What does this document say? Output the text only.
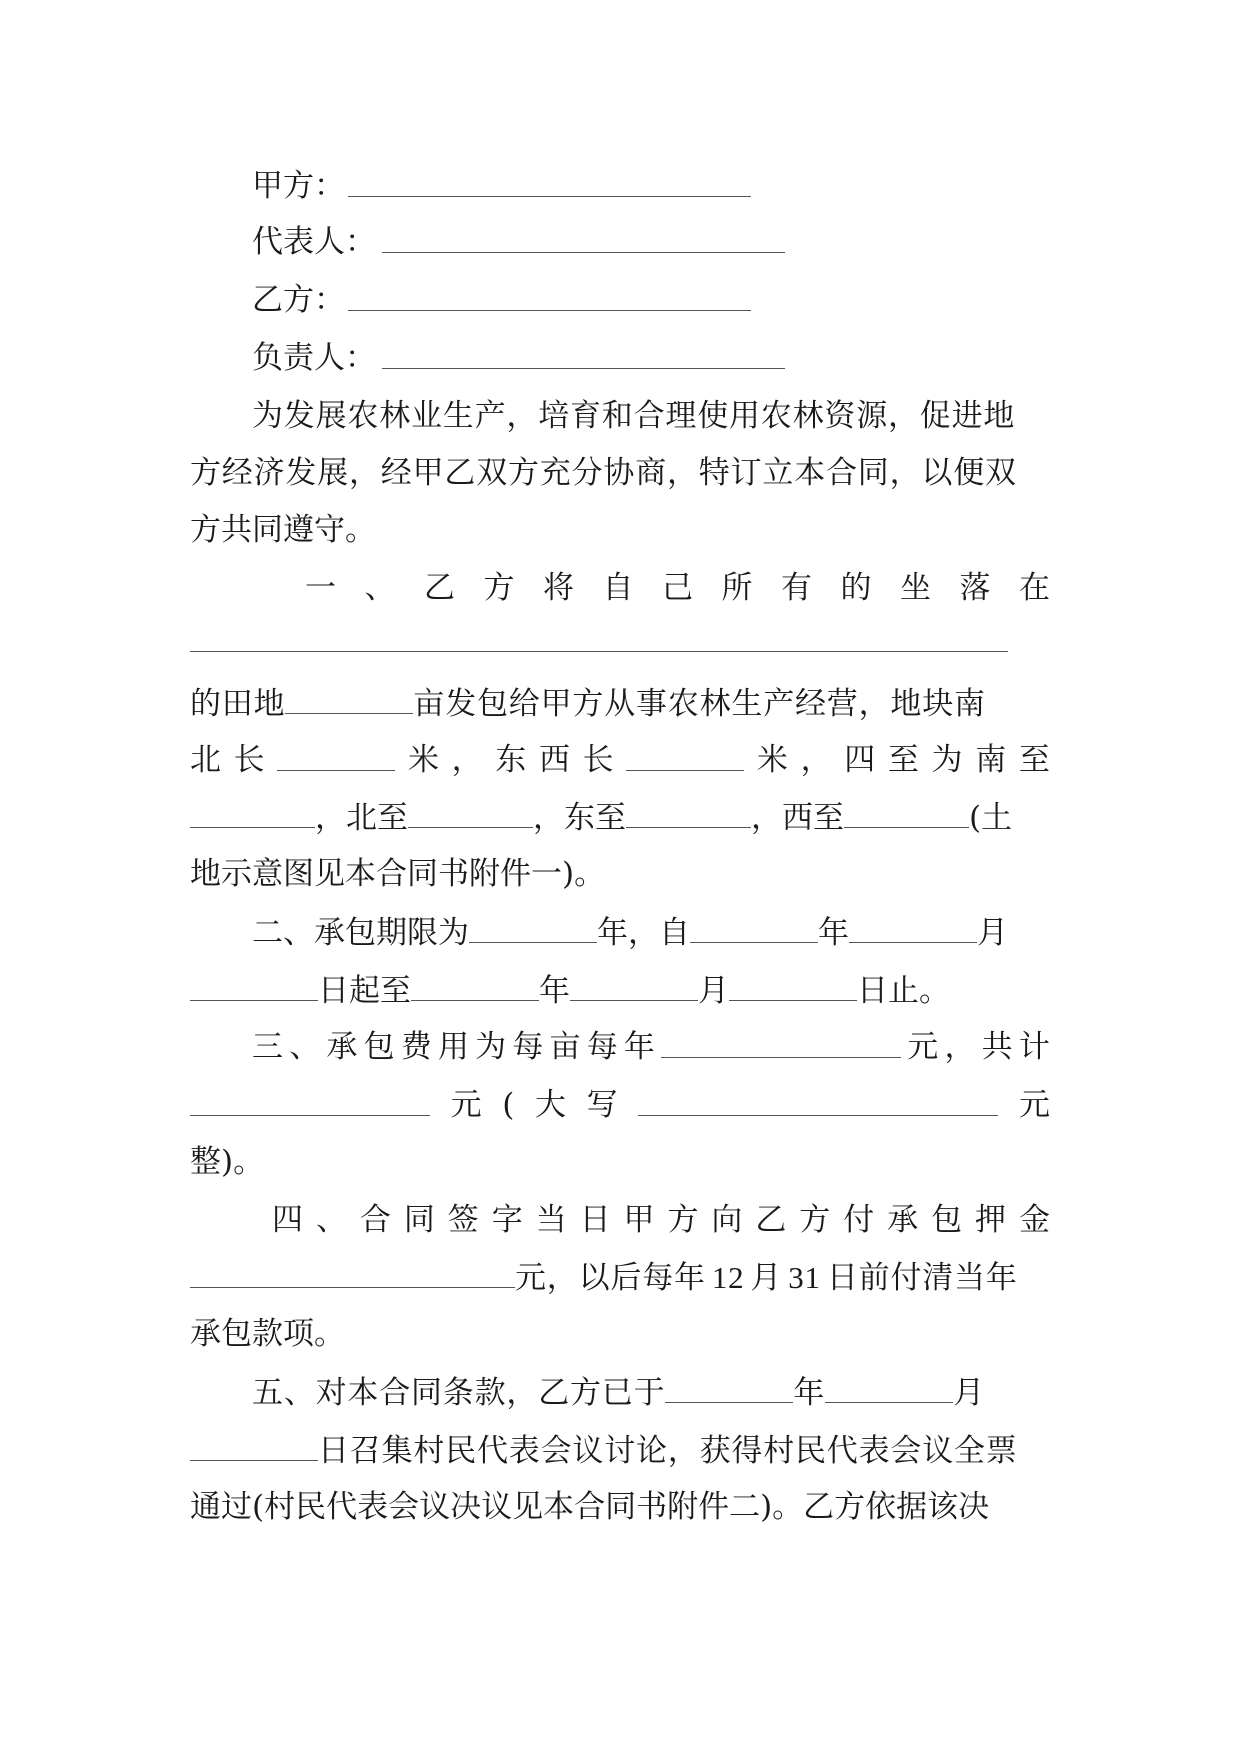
甲方：
代表人：
乙方：
负责人：
为发展农林业生产，培育和合理使用农林资源，促进地
方经济发展，经甲乙双方充分协商，特订立本合同，以便双
方共同遵守。
一 、 乙 方 将 自 己 所 有 的 坐 落 在
的田地	亩发包给甲方从事农林生产经营，地块南
北 长	米 ， 东 西 长	米 ， 四 至 为 南 至
，北至	，东至	，西至	(土
地示意图见本合同书附件一)。
二、承包期限为	年，自	年	月
日起至	年	月	日止。
三 、 承 包 费 用 为 每 亩 每 年	元 ， 共 计
元 ( 大 写	元
整)。
四 、 合 同 签 字 当 日 甲 方 向 乙 方 付 承 包 押 金
元，以后每年 12 月 31 日前付清当年
承包款项。
五、对本合同条款，乙方已于	年	月
日召集村民代表会议讨论，获得村民代表会议全票
通过(村民代表会议决议见本合同书附件二)。乙方依据该决
